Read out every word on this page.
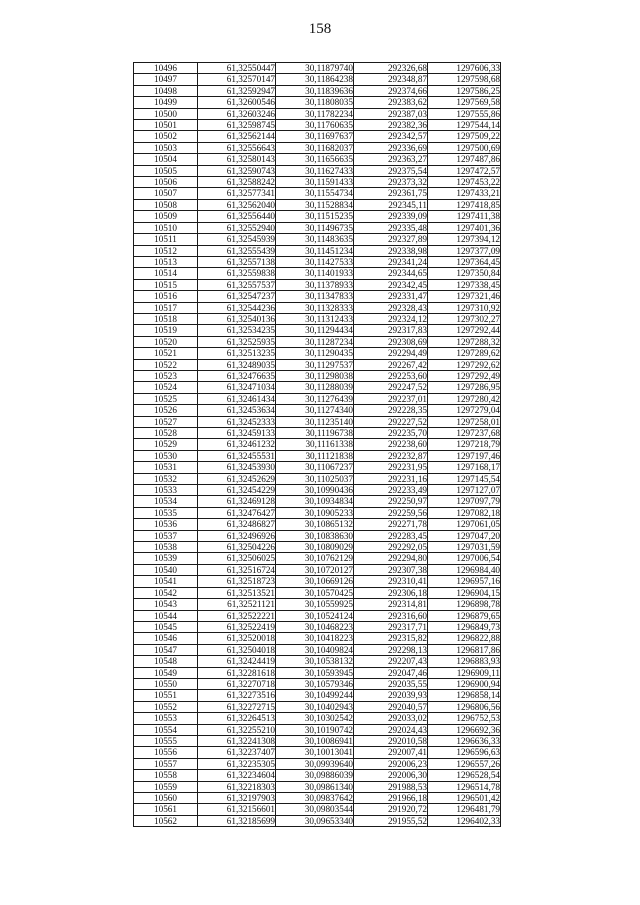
158
10496	61,32550447	30,11879740	292326,68	1297606,33
10497	61,32570147	30,11864238	292348,87	1297598,68
10498	61,32592947	30,11839636	292374,66	1297586,25
10499	61,32600546	30,11808035	292383,62	1297569,58
10500	61,32603246	30,11782234	292387,03	1297555,86
10501	61,32598745	30,11760635	292382,36	1297544,14
10502	61,32562144	30,11697637	292342,57	1297509,22
10503	61,32556643	30,11682037	292336,69	1297500,69
10504	61,32580143	30,11656635	292363,27	1297487,86
10505	61,32590743	30,11627433	292375,54	1297472,57
10506	61,32588242	30,11591433	292373,32	1297453,22
10507	61,32577341	30,11554734	292361,75	1297433,21
10508	61,32562040	30,11528834	292345,11	1297418,85
10509	61,32556440	30,11515235	292339,09	1297411,38
10510	61,32552940	30,11496735	292335,48	1297401,36
10511	61,32545939	30,11483635	292327,89	1297394,12
10512	61,32555439	30,11451234	292338,98	1297377,09
10513	61,32557138	30,11427533	292341,24	1297364,45
10514	61,32559838	30,11401933	292344,65	1297350,84
10515	61,32557537	30,11378933	292342,45	1297338,45
10516	61,32547237	30,11347833	292331,47	1297321,46
10517	61,32544236	30,11328333	292328,43	1297310,92
10518	61,32540136	30,11312433	292324,12	1297302,27
10519	61,32534235	30,11294434	292317,83	1297292,44
10520	61,32525935	30,11287234	292308,69	1297288,32
10521	61,32513235	30,11290435	292294,49	1297289,62
10522	61,32489035	30,11297537	292267,42	1297292,62
10523	61,32476635	30,11298038	292253,60	1297292,49
10524	61,32471034	30,11288039	292247,52	1297286,95
10525	61,32461434	30,11276439	292237,01	1297280,42
10526	61,32453634	30,11274340	292228,35	1297279,04
10527	61,32452333	30,11235140	292227,52	1297258,01
10528	61,32459133	30,11196738	292235,70	1297237,68
10529	61,32461232	30,11161338	292238,60	1297218,79
10530	61,32455531	30,11121838	292232,87	1297197,46
10531	61,32453930	30,11067237	292231,95	1297168,17
10532	61,32452629	30,11025037	292231,16	1297145,54
10533	61,32454229	30,10990436	292233,49	1297127,07
10534	61,32469128	30,10934834	292250,97	1297097,79
10535	61,32476427	30,10905233	292259,56	1297082,18
10536	61,32486827	30,10865132	292271,78	1297061,05
10537	61,32496926	30,10838630	292283,45	1297047,20
10538	61,32504226	30,10809029	292292,05	1297031,59
10539	61,32506025	30,10762129	292294,80	1297006,54
10540	61,32516724	30,10720127	292307,38	1296984,40
10541	61,32518723	30,10669126	292310,41	1296957,16
10542	61,32513521	30,10570425	292306,18	1296904,15
10543	61,32521121	30,10559925	292314,81	1296898,78
10544	61,32522221	30,10524124	292316,60	1296879,65
10545	61,32522419	30,10468223	292317,71	1296849,73
10546	61,32520018	30,10418223	292315,82	1296822,88
10547	61,32504018	30,10409824	292298,13	1296817,86
10548	61,32424419	30,10538132	292207,43	1296883,93
10549	61,32281618	30,10593945	292047,46	1296909,11
10550	61,32270718	30,10579346	292035,55	1296900,94
10551	61,32273516	30,10499244	292039,93	1296858,14
10552	61,32272715	30,10402943	292040,57	1296806,56
10553	61,32264513	30,10302542	292033,02	1296752,53
10554	61,32255210	30,10190742	292024,43	1296692,36
10555	61,32241308	30,10086941	292010,58	1296636,33
10556	61,32237407	30,10013041	292007,41	1296596,63
10557	61,32235305	30,09939640	292006,23	1296557,26
10558	61,32234604	30,09886039	292006,30	1296528,54
10559	61,32218303	30,09861340	291988,53	1296514,78
10560	61,32197903	30,09837642	291966,18	1296501,42
10561	61,32156601	30,09803544	291920,72	1296481,79
10562	61,32185699	30,09653340	291955,52	1296402,33
